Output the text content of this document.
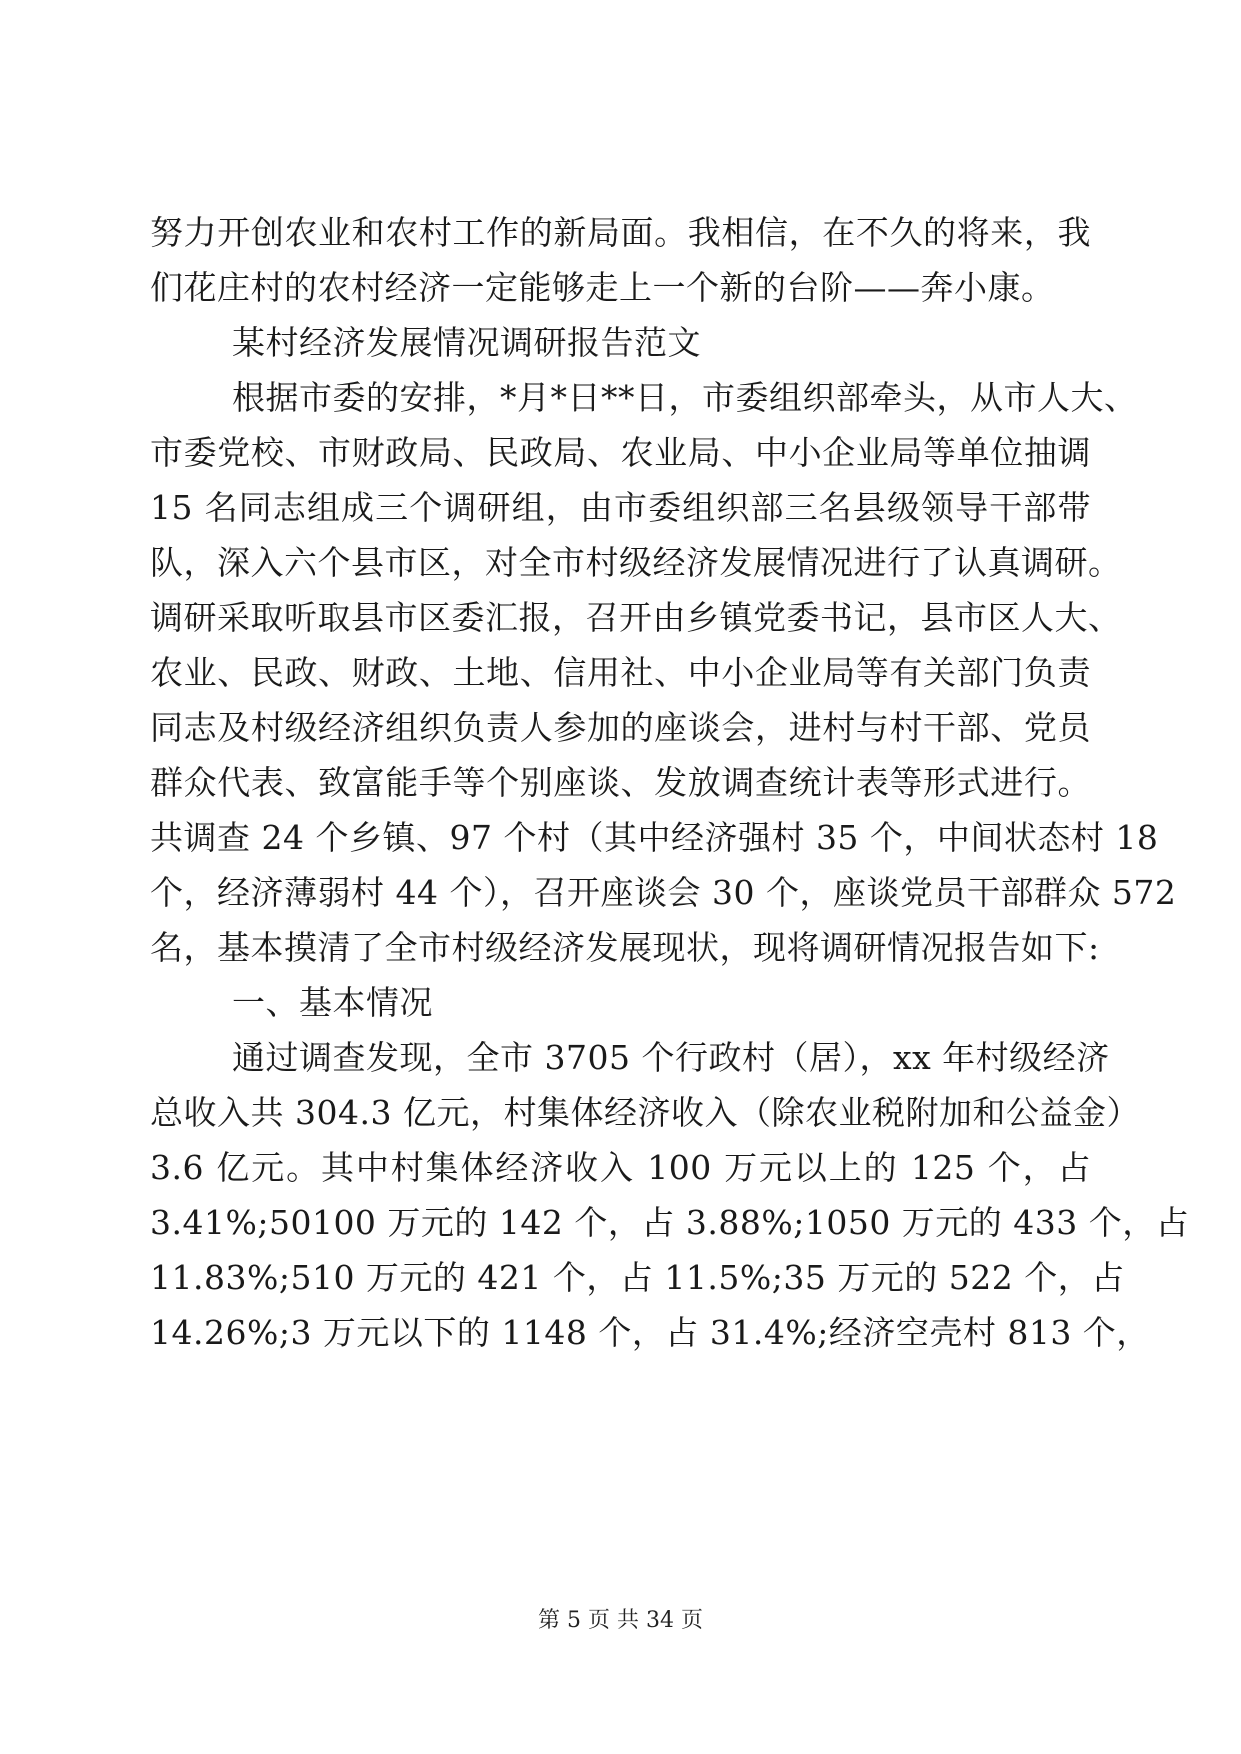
努力开创农业和农村工作的新局面。我相信，在不久的将来，我
们花庄村的农村经济一定能够走上一个新的台阶——奔小康。
某村经济发展情况调研报告范文
根据市委的安排，*月*日**日，市委组织部牵头，从市人大、
市委党校、市财政局、民政局、农业局、中小企业局等单位抽调
15 名同志组成三个调研组，由市委组织部三名县级领导干部带
队，深入六个县市区，对全市村级经济发展情况进行了认真调研。
调研采取听取县市区委汇报，召开由乡镇党委书记，县市区人大、
农业、民政、财政、土地、信用社、中小企业局等有关部门负责
同志及村级经济组织负责人参加的座谈会，进村与村干部、党员
群众代表、致富能手等个别座谈、发放调查统计表等形式进行。
共调查 24 个乡镇、97 个村（其中经济强村 35 个，中间状态村 18
个，经济薄弱村 44 个），召开座谈会 30 个，座谈党员干部群众 572
名，基本摸清了全市村级经济发展现状，现将调研情况报告如下:
一、基本情况
通过调查发现，全市 3705 个行政村（居），xx 年村级经济
总收入共 304.3 亿元，村集体经济收入（除农业税附加和公益金）
3.6 亿元。其中村集体经济收入 100 万元以上的 125 个，占
3.41%;50100 万元的 142 个，占 3.88%;1050 万元的 433 个，占
11.83%;510 万元的 421 个，占 11.5%;35 万元的 522 个，占
14.26%;3 万元以下的 1148 个，占 31.4%;经济空壳村 813 个，
第 5 页 共 34 页
